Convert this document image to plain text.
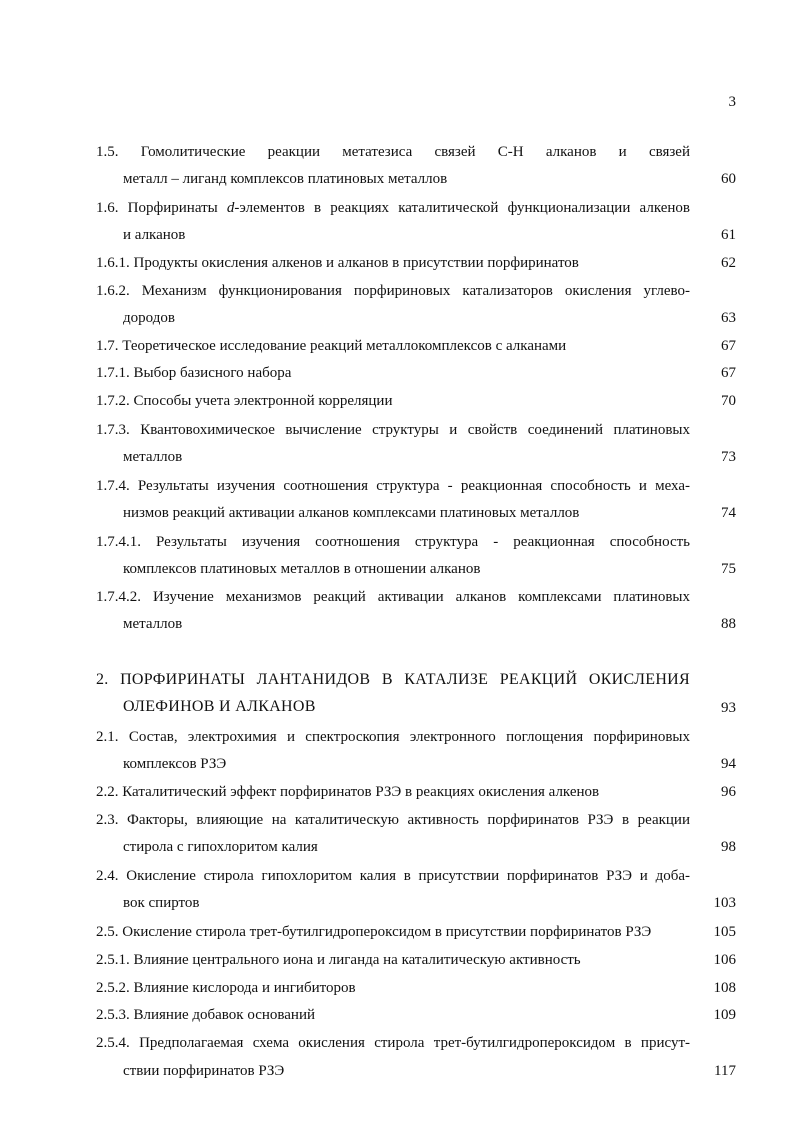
3
1.5. Гомолитические реакции метатезиса связей С-Н алканов и связей
металл – лиганд комплексов платиновых металлов	60
1.6. Порфиринаты d-элементов в реакциях каталитической функционализации алкенов
и алканов	61
1.6.1. Продукты окисления алкенов и алканов в присутствии порфиринатов	62
1.6.2. Механизм функционирования порфириновых катализаторов окисления углево-
дородов	63
1.7. Теоретическое исследование реакций металлокомплексов с алканами	67
1.7.1. Выбор базисного набора	67
1.7.2. Способы учета электронной корреляции	70
1.7.3. Квантовохимическое вычисление структуры и свойств соединений платиновых
металлов	73
1.7.4. Результаты изучения соотношения структура - реакционная способность и меха-
низмов реакций активации алканов комплексами платиновых металлов	74
1.7.4.1. Результаты изучения соотношения структура - реакционная способность
комплексов платиновых металлов в отношении алканов	75
1.7.4.2. Изучение механизмов реакций активации алканов комплексами платиновых
металлов	88
2. ПОРФИРИНАТЫ ЛАНТАНИДОВ В КАТАЛИЗЕ РЕАКЦИЙ ОКИСЛЕНИЯ
ОЛЕФИНОВ И АЛКАНОВ	93
2.1. Состав, электрохимия и спектроскопия электронного поглощения порфириновых
комплексов РЗЭ	94
2.2. Каталитический эффект порфиринатов РЗЭ в реакциях окисления алкенов	96
2.3. Факторы, влияющие на каталитическую активность порфиринатов РЗЭ в реакции
стирола с гипохлоритом калия	98
2.4. Окисление стирола гипохлоритом калия в присутствии порфиринатов РЗЭ и доба-
вок спиртов	103
2.5. Окисление стирола трет-бутилгидропероксидом в присутствии порфиринатов РЗЭ	105
2.5.1. Влияние центрального иона и лиганда на каталитическую активность	106
2.5.2. Влияние кислорода и ингибиторов	108
2.5.3. Влияние добавок оснований	109
2.5.4. Предполагаемая схема окисления стирола трет-бутилгидропероксидом в присут-
ствии порфиринатов РЗЭ	117
